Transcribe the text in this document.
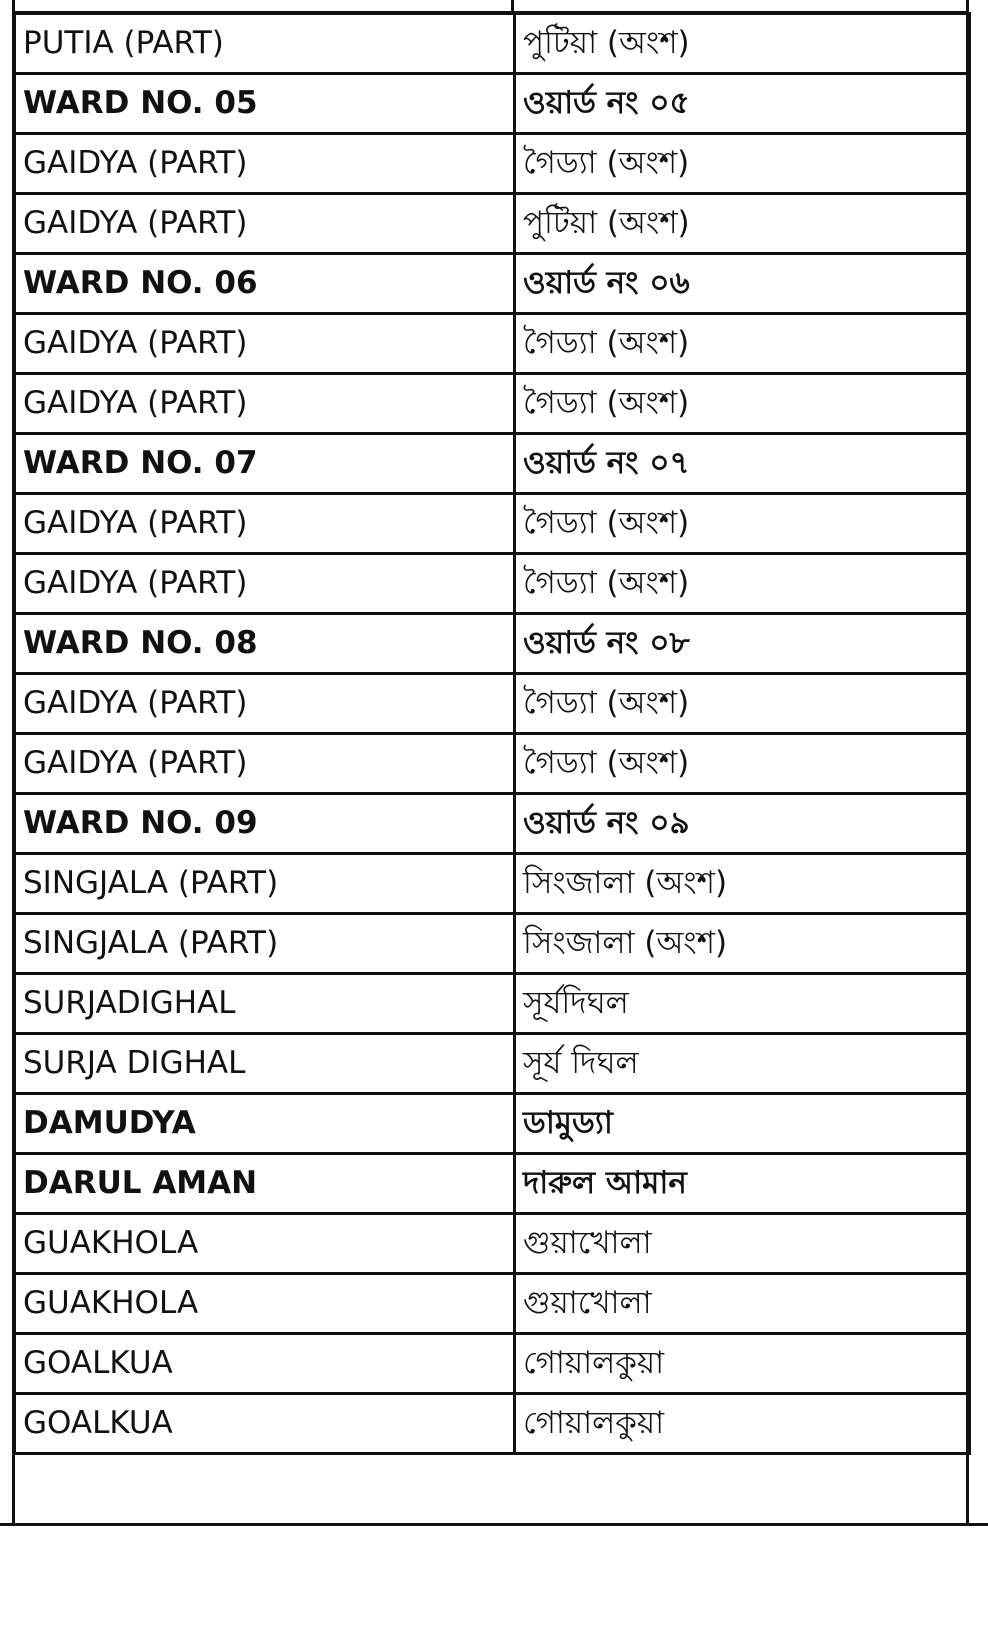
PUTIA (PART)	পুটিয়া (অংশ)
WARD NO. 05	ওয়ার্ড নং ০৫
GAIDYA (PART)	গৈড্যা (অংশ)
GAIDYA (PART)	পুটিয়া (অংশ)
WARD NO. 06	ওয়ার্ড নং ০৬
GAIDYA (PART)	গৈড্যা (অংশ)
GAIDYA (PART)	গৈড্যা (অংশ)
WARD NO. 07	ওয়ার্ড নং ০৭
GAIDYA (PART)	গৈড্যা (অংশ)
GAIDYA (PART)	গৈড্যা (অংশ)
WARD NO. 08	ওয়ার্ড নং ০৮
GAIDYA (PART)	গৈড্যা (অংশ)
GAIDYA (PART)	গৈড্যা (অংশ)
WARD NO. 09	ওয়ার্ড নং ০৯
SINGJALA (PART)	সিংজালা (অংশ)
SINGJALA (PART)	সিংজালা (অংশ)
SURJADIGHAL	সূর্যদিঘল
SURJA DIGHAL	সূর্য দিঘল
DAMUDYA	ডামুড্যা
DARUL AMAN	দারুল আমান
GUAKHOLA	গুয়াখোলা
GUAKHOLA	গুয়াখোলা
GOALKUA	গোয়ালকুয়া
GOALKUA	গোয়ালকুয়া
